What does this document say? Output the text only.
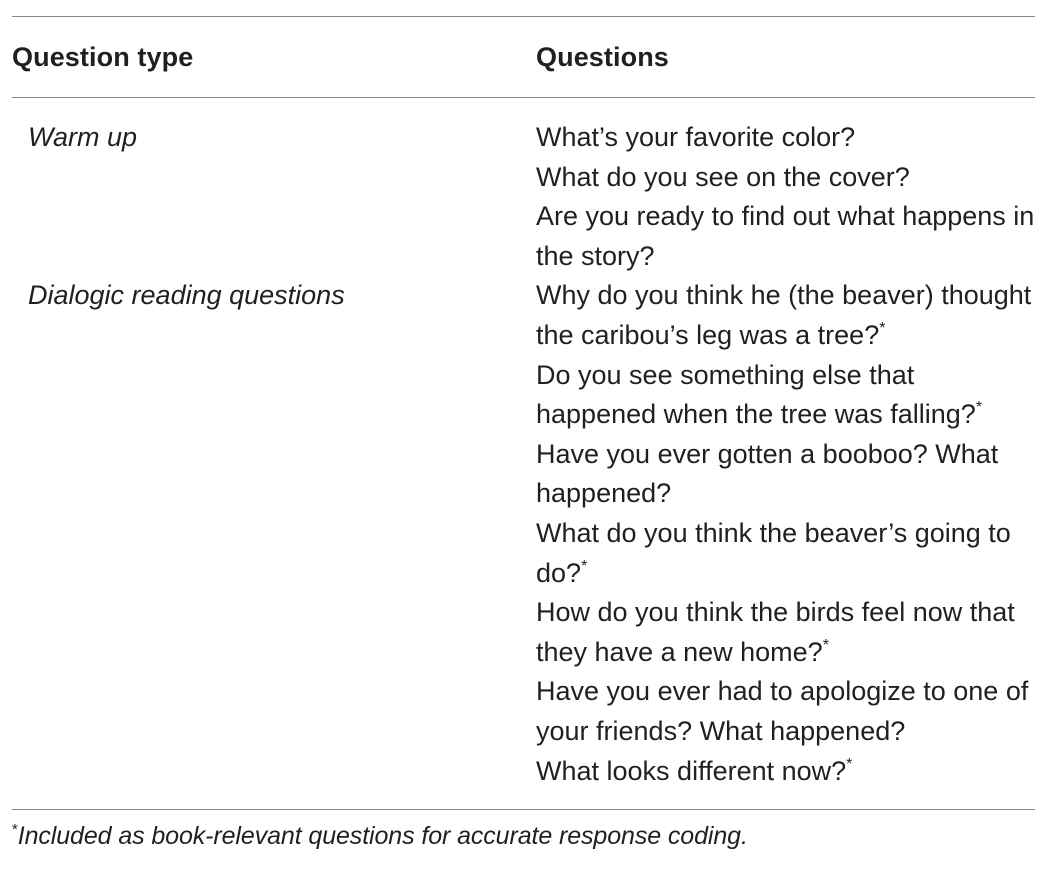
Question type	Questions
Warm up	What’s your favorite color?
What do you see on the cover?
Are you ready to find out what happens in the story?
Dialogic reading questions	Why do you think he (the beaver) thought the caribou’s leg was a tree?*
Do you see something else that happened when the tree was falling?*
Have you ever gotten a booboo? What happened?
What do you think the beaver’s going to do?*
How do you think the birds feel now that they have a new home?*
Have you ever had to apologize to one of your friends? What happened?
What looks different now?*
*Included as book-relevant questions for accurate response coding.
